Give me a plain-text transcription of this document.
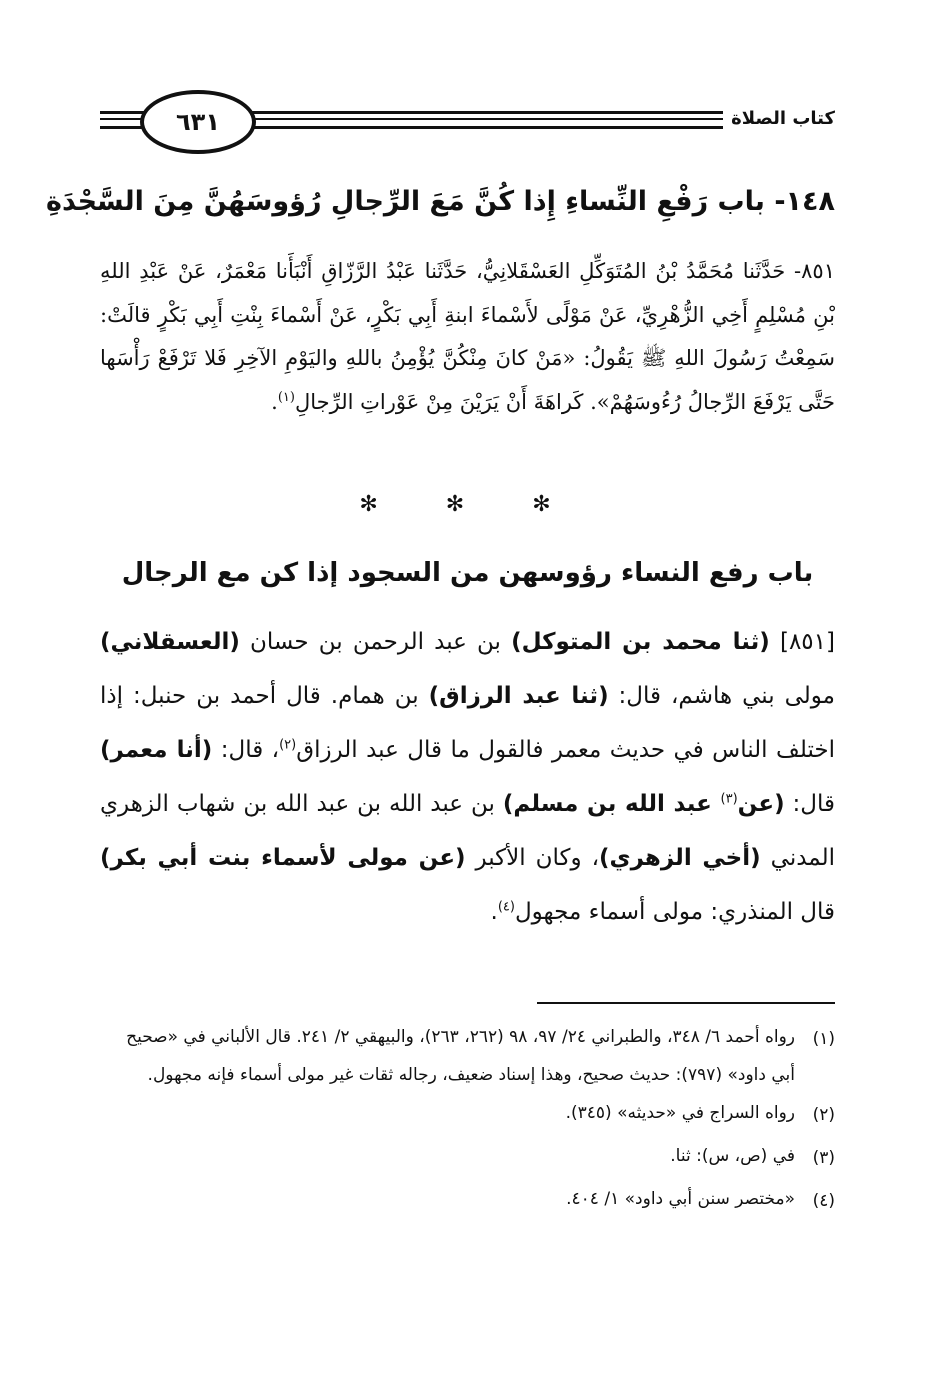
كتاب الصلاة
٦٣١
١٤٨- باب رَفْعِ النِّساءِ إِذا كُنَّ مَعَ الرِّجالِ رُؤوسَهُنَّ مِنَ السَّجْدَةِ
٨٥١- حَدَّثَنا مُحَمَّدُ بْنُ المُتَوَكِّلِ العَسْقَلانِيُّ، حَدَّثَنا عَبْدُ الرَّزّاقِ أَنْبَأَنا مَعْمَرٌ، عَنْ عَبْدِ اللهِ بْنِ مُسْلِمٍ أَخِي الزُّهْرِيِّ، عَنْ مَوْلًى لأَسْماءَ ابنةِ أَبِي بَكْرٍ، عَنْ أَسْماءَ بِنْتِ أَبِي بَكْرٍ قالَتْ: سَمِعْتُ رَسُولَ اللهِ ﷺ يَقُولُ: «مَنْ كانَ مِنْكُنَّ يُؤْمِنُ باللهِ واليَوْمِ الآخِرِ فَلا تَرْفَعْ رَأْسَها حَتَّى يَرْفَعَ الرِّجالُ رُءُوسَهُمْ». كَراهَةَ أَنْ يَرَيْنَ مِنْ عَوْراتِ الرِّجالِ$^{(١)}$.
✻ ✻ ✻
باب رفع النساء رؤوسهن من السجود إذا كن مع الرجال
[٨٥١] (ثنا محمد بن المتوكل) بن عبد الرحمن بن حسان (العسقلاني) مولى بني هاشم، قال: (ثنا عبد الرزاق) بن همام. قال أحمد بن حنبل: إذا اختلف الناس في حديث معمر فالقول ما قال عبد الرزاق$^{(٢)}$، قال: (أنا معمر) قال: (عن$^{(٣)}$ عبد الله بن مسلم) بن عبد الله بن عبد الله بن شهاب الزهري المدني (أخي الزهري)، وكان الأكبر (عن مولى لأسماء بنت أبي بكر) قال المنذري: مولى أسماء مجهول$^{(٤)}$.
(١)
رواه أحمد ٦/ ٣٤٨، والطبراني ٢٤/ ٩٧، ٩٨ (٢٦٢، ٢٦٣)، والبيهقي ٢/ ٢٤١. قال الألباني في «صحيح أبي داود» (٧٩٧): حديث صحيح، وهذا إسناد ضعيف، رجاله ثقات غير مولى أسماء فإنه مجهول.
(٢)
رواه السراج في «حديثه» (٣٤٥).
(٣)
في (ص، س): ثنا.
(٤)
«مختصر سنن أبي داود» ١/ ٤٠٤.
